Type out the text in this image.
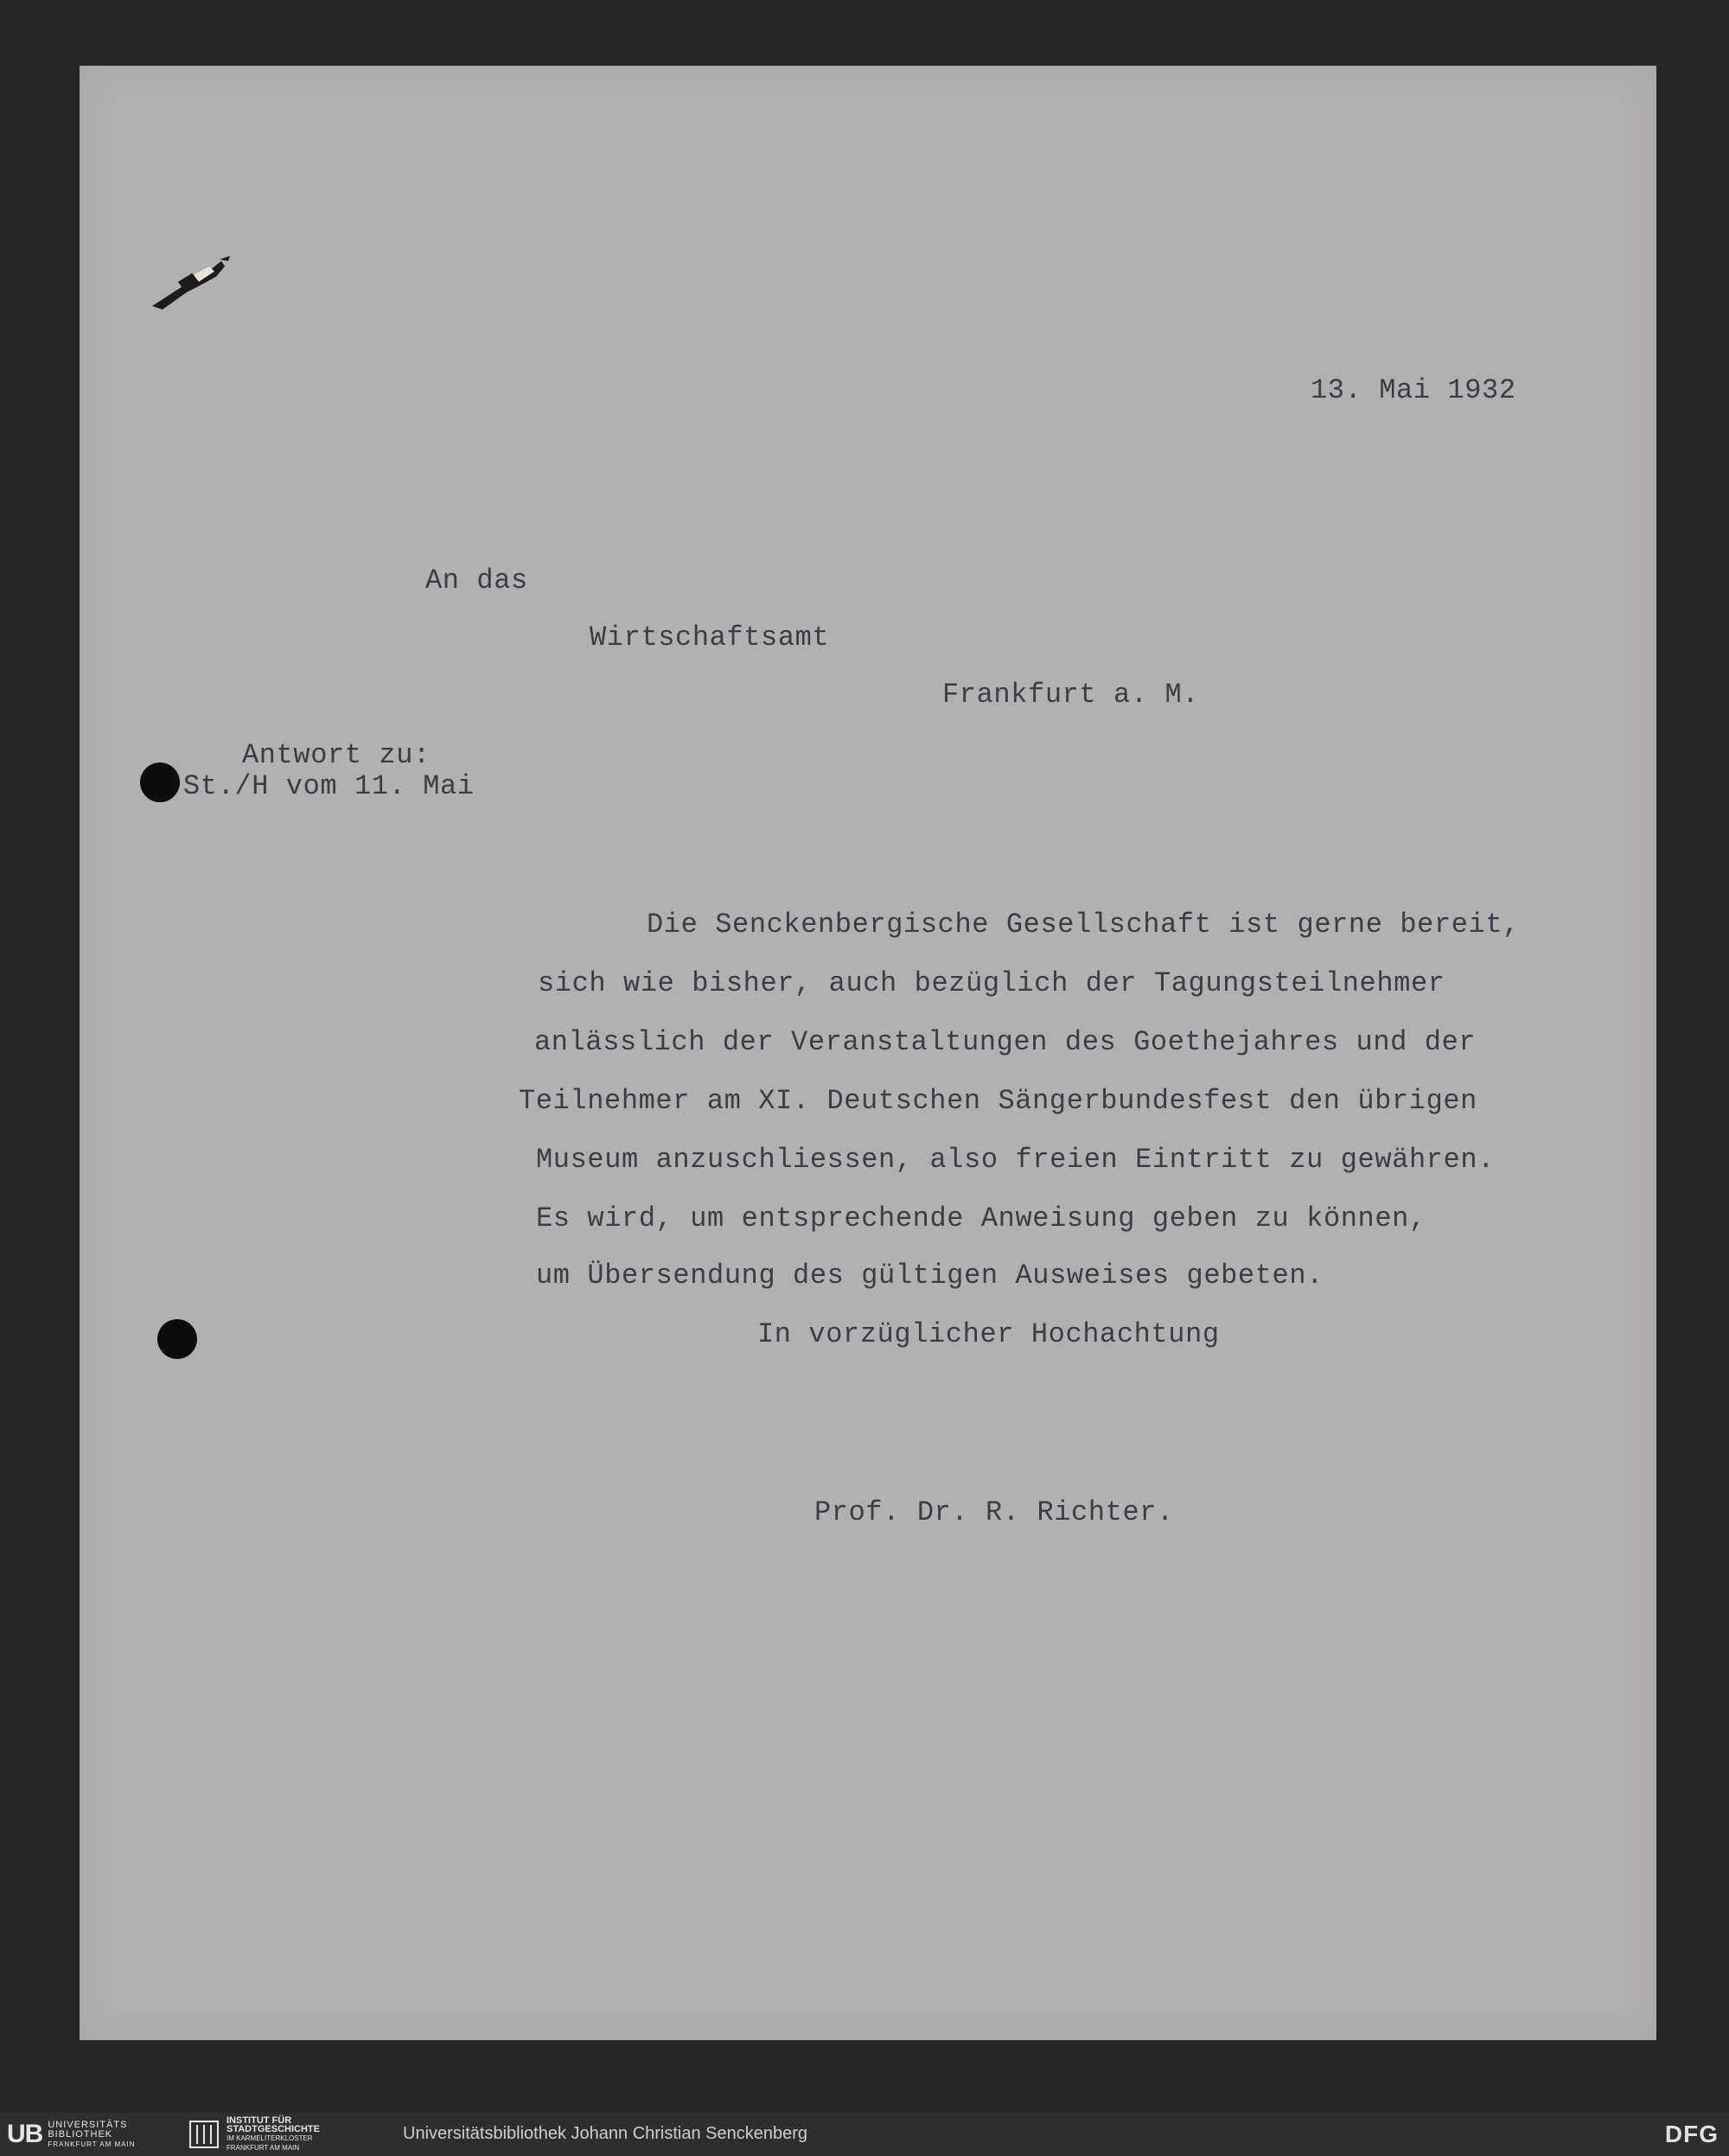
13. Mai 1932
An das
Wirtschaftsamt
Frankfurt a. M.
Antwort zu:
St./H vom 11. Mai
Die Senckenbergische Gesellschaft ist gerne bereit,
sich wie bisher, auch bezüglich der Tagungsteilnehmer
anlässlich der Veranstaltungen des Goethejahres und der
Teilnehmer am XI. Deutschen Sängerbundesfest den übrigen
Museum anzuschliessen, also freien Eintritt zu gewähren.
Es wird, um entsprechende Anweisung geben zu können,
um Übersendung des gültigen Ausweises gebeten.
In vorzüglicher Hochachtung
Prof. Dr. R. Richter.
UB UNIVERSITÄTS
BIBLIOTHEK
FRANKFURT AM MAIN
INSTITUT FÜR
STADTGESCHICHTE
IM KARMELITERKLOSTER
FRANKFURT AM MAIN
Universitätsbibliothek Johann Christian Senckenberg	DFG
